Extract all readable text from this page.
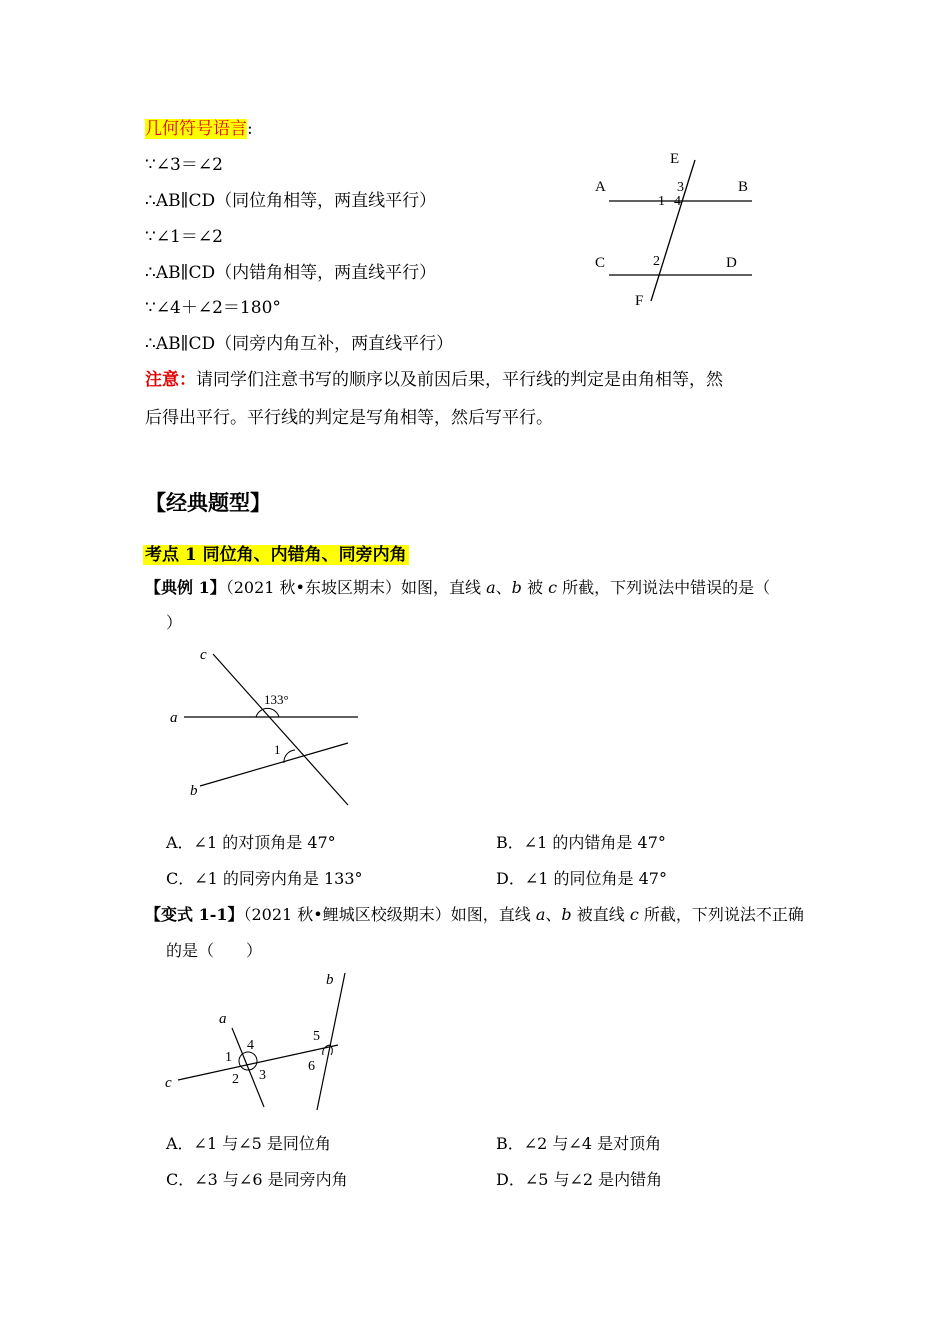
几何符号语言:
∵∠3＝∠2
∴AB∥CD（同位角相等，两直线平行）
∵∠1＝∠2
∴AB∥CD（内错角相等，两直线平行）
∵∠4＋∠2＝180°
∴AB∥CD（同旁内角互补，两直线平行）
注意：请同学们注意书写的顺序以及前因后果，平行线的判定是由角相等，然
后得出平行。平行线的判定是写角相等，然后写平行。
E
A	B
3
1 4
C	2	D
F
【经典题型】
考点 1 同位角、内错角、同旁内角
【典例 1】（2021 秋•东坡区期末）如图，直线 a、b 被 c 所截，下列说法中错误的是（
）
c
133°
a
1
b
A．∠1 的对顶角是 47°	B．∠1 的内错角是 47°
C．∠1 的同旁内角是 133°	D．∠1 的同位角是 47°
【变式 1-1】（2021 秋•鲤城区校级期末）如图，直线 a、b 被直线 c 所截，下列说法不正确
的是（　　）
b
a
4
1
2 3
5
6
c
A．∠1 与∠5 是同位角	B．∠2 与∠4 是对顶角
C．∠3 与∠6 是同旁内角	D．∠5 与∠2 是内错角
